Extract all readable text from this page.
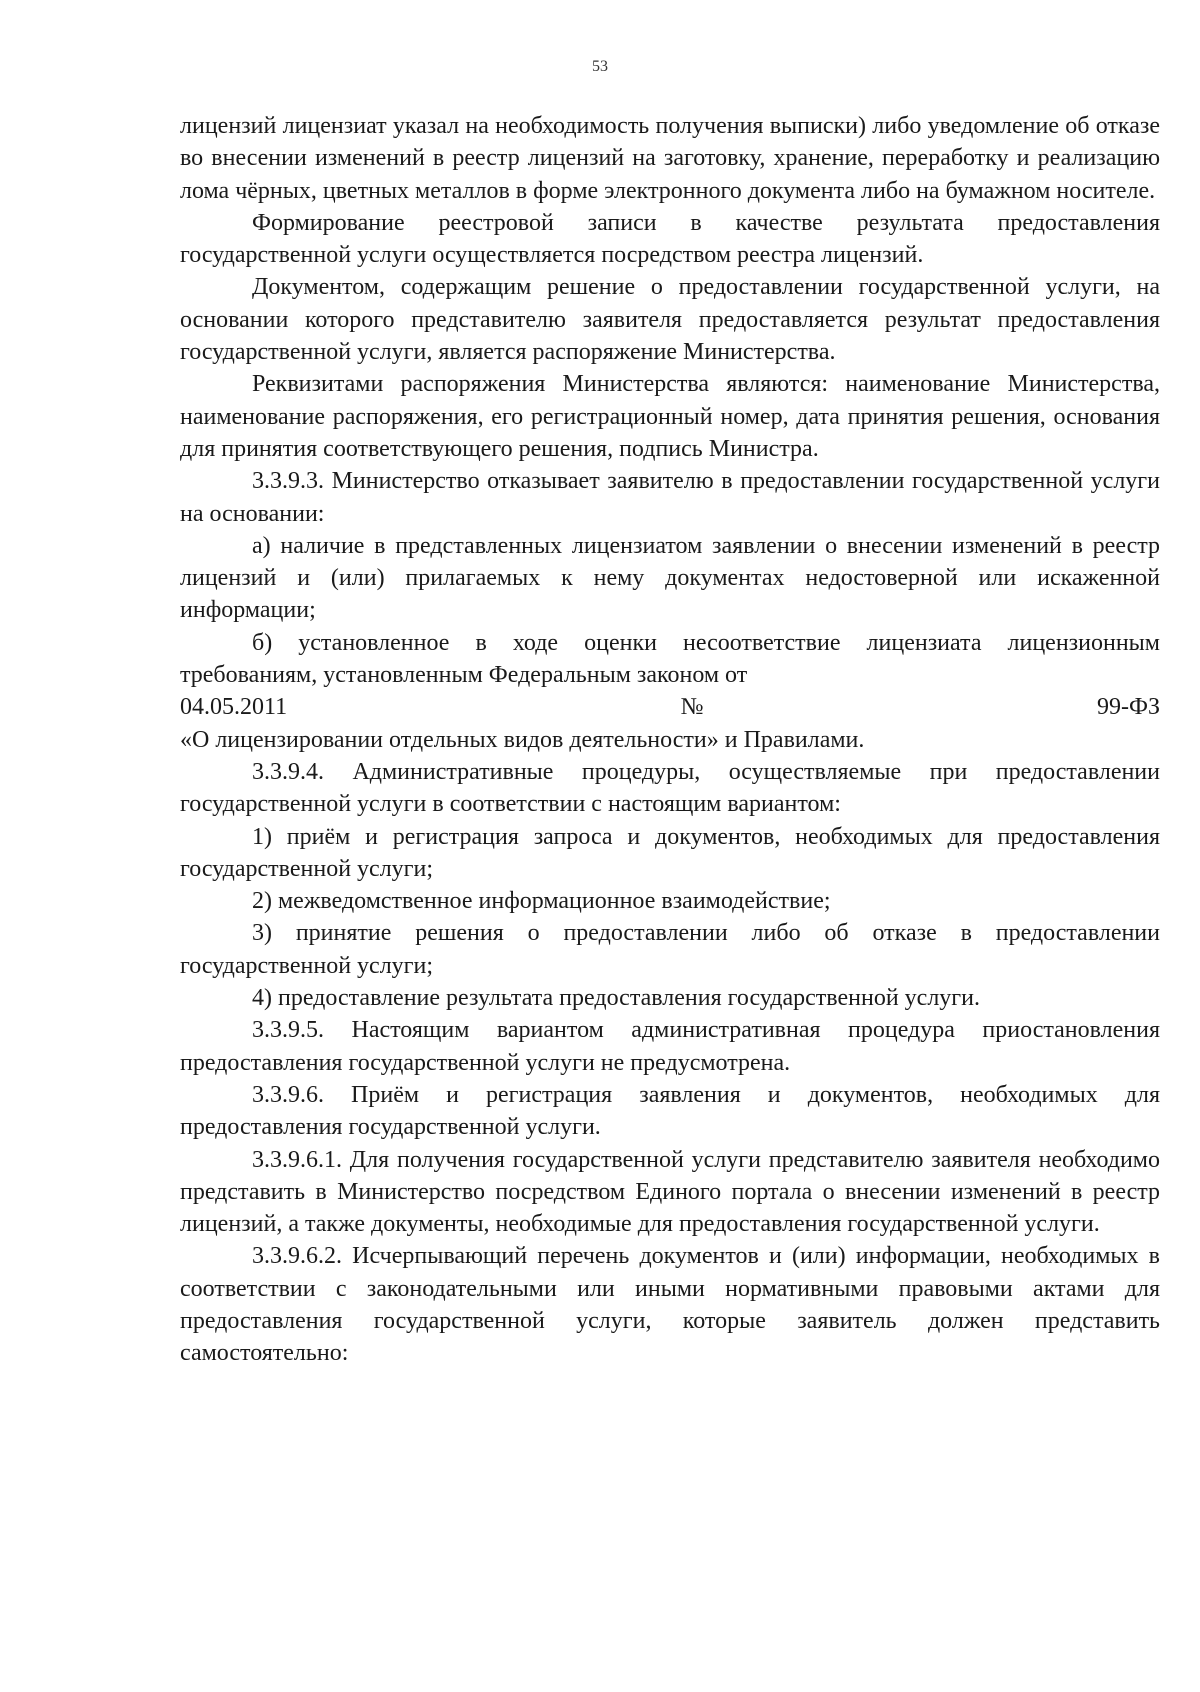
53

лицензий лицензиат указал на необходимость получения выписки) либо уведомление об отказе во внесении изменений в реестр лицензий на заготовку, хранение, переработку и реализацию лома чёрных, цветных металлов в форме электронного документа либо на бумажном носителе.

Формирование реестровой записи в качестве результата предоставления государственной услуги осуществляется посредством реестра лицензий.

Документом, содержащим решение о предоставлении государственной услуги, на основании которого представителю заявителя предоставляется результат предоставления государственной услуги, является распоряжение Министерства.

Реквизитами распоряжения Министерства являются: наименование Министерства, наименование распоряжения, его регистрационный номер, дата принятия решения, основания для принятия соответствующего решения, подпись Министра.

3.3.9.3. Министерство отказывает заявителю в предоставлении государственной услуги на основании:

а) наличие в представленных лицензиатом заявлении о внесении изменений в реестр лицензий и (или) прилагаемых к нему документах недостоверной или искаженной информации;

б) установленное в ходе оценки несоответствие лицензиата лицензионным требованиям, установленным Федеральным законом от

04.05.2011	№	99-ФЗ

«О лицензировании отдельных видов деятельности» и Правилами.

3.3.9.4. Административные процедуры, осуществляемые при предоставлении государственной услуги в соответствии с настоящим вариантом:

1) приём и регистрация запроса и документов, необходимых для предоставления государственной услуги;

2) межведомственное информационное взаимодействие;

3) принятие решения о предоставлении либо об отказе в предоставлении государственной услуги;

4) предоставление результата предоставления государственной услуги.

3.3.9.5. Настоящим вариантом административная процедура приостановления предоставления государственной услуги не предусмотрена.

3.3.9.6. Приём и регистрация заявления и документов, необходимых для предоставления государственной услуги.

3.3.9.6.1. Для получения государственной услуги представителю заявителя необходимо представить в Министерство посредством Единого портала о внесении изменений в реестр лицензий, а также документы, необходимые для предоставления государственной услуги.

3.3.9.6.2. Исчерпывающий перечень документов и (или) информации, необходимых в соответствии с законодательными или иными нормативными правовыми актами для предоставления государственной услуги, которые заявитель должен представить самостоятельно:
